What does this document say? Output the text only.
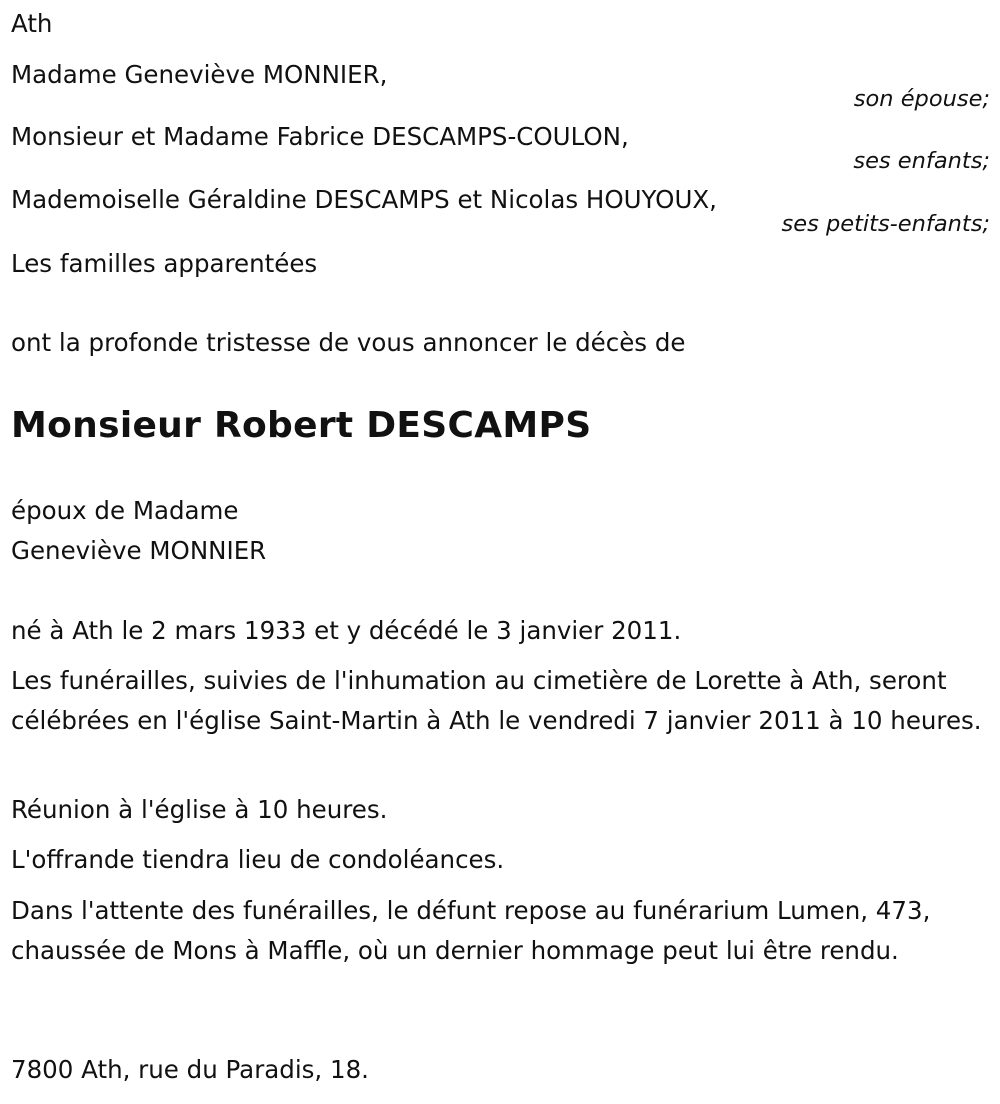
Ath
Madame Geneviève MONNIER,
son épouse;
Monsieur et Madame Fabrice DESCAMPS-COULON,
ses enfants;
Mademoiselle Géraldine DESCAMPS et Nicolas HOUYOUX,
ses petits-enfants;
Les familles apparentées
ont la profonde tristesse de vous annoncer le décès de
Monsieur Robert DESCAMPS
époux de Madame
Geneviève MONNIER
né à Ath le 2 mars 1933 et y décédé le 3 janvier 2011.
Les funérailles, suivies de l'inhumation au cimetière de Lorette à Ath, seront célébrées en l'église Saint-Martin à Ath le vendredi 7 janvier 2011 à 10 heures.
Réunion à l'église à 10 heures.
L'offrande tiendra lieu de condoléances.
Dans l'attente des funérailles, le défunt repose au funérarium Lumen, 473, chaussée de Mons à Maffle, où un dernier hommage peut lui être rendu.
7800 Ath, rue du Paradis, 18.
